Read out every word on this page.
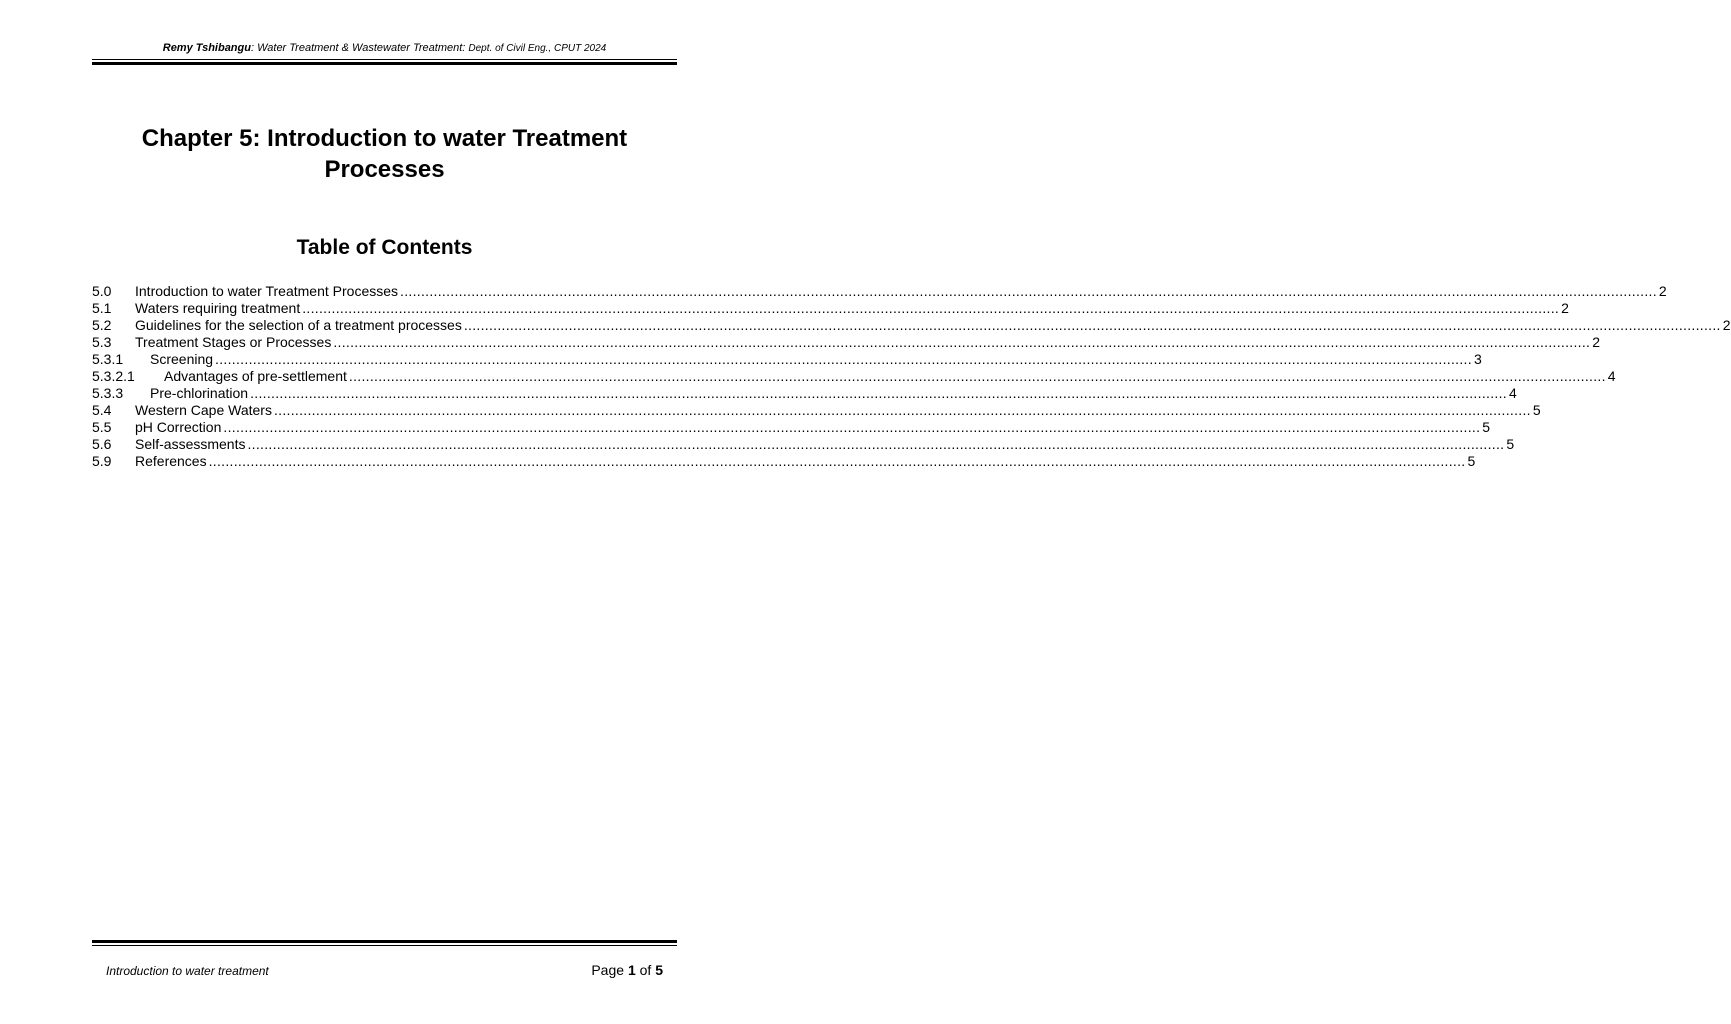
Remy Tshibangu: Water Treatment & Wastewater Treatment: Dept. of Civil Eng., CPUT 2024
Chapter 5: Introduction to water Treatment
Processes
Table of Contents
5.0 Introduction to water Treatment Processes ............................................................................................................................................................................................................................................................................................................ 2
5.1 Waters requiring treatment ............................................................................................................................................................................................................................................................................................................ 2
5.2 Guidelines for the selection of a treatment processes ............................................................................................................................................................................................................................................................................................................ 2
5.3 Treatment Stages or Processes ............................................................................................................................................................................................................................................................................................................ 2
5.3.1 Screening ............................................................................................................................................................................................................................................................................................................ 3
5.3.2.1 Advantages of pre-settlement ............................................................................................................................................................................................................................................................................................................ 4
5.3.3 Pre-chlorination ............................................................................................................................................................................................................................................................................................................ 4
5.4 Western Cape Waters ............................................................................................................................................................................................................................................................................................................ 5
5.5 pH Correction ............................................................................................................................................................................................................................................................................................................ 5
5.6 Self-assessments ............................................................................................................................................................................................................................................................................................................ 5
5.9 References ............................................................................................................................................................................................................................................................................................................ 5
Introduction to water treatment	Page 1 of 5
